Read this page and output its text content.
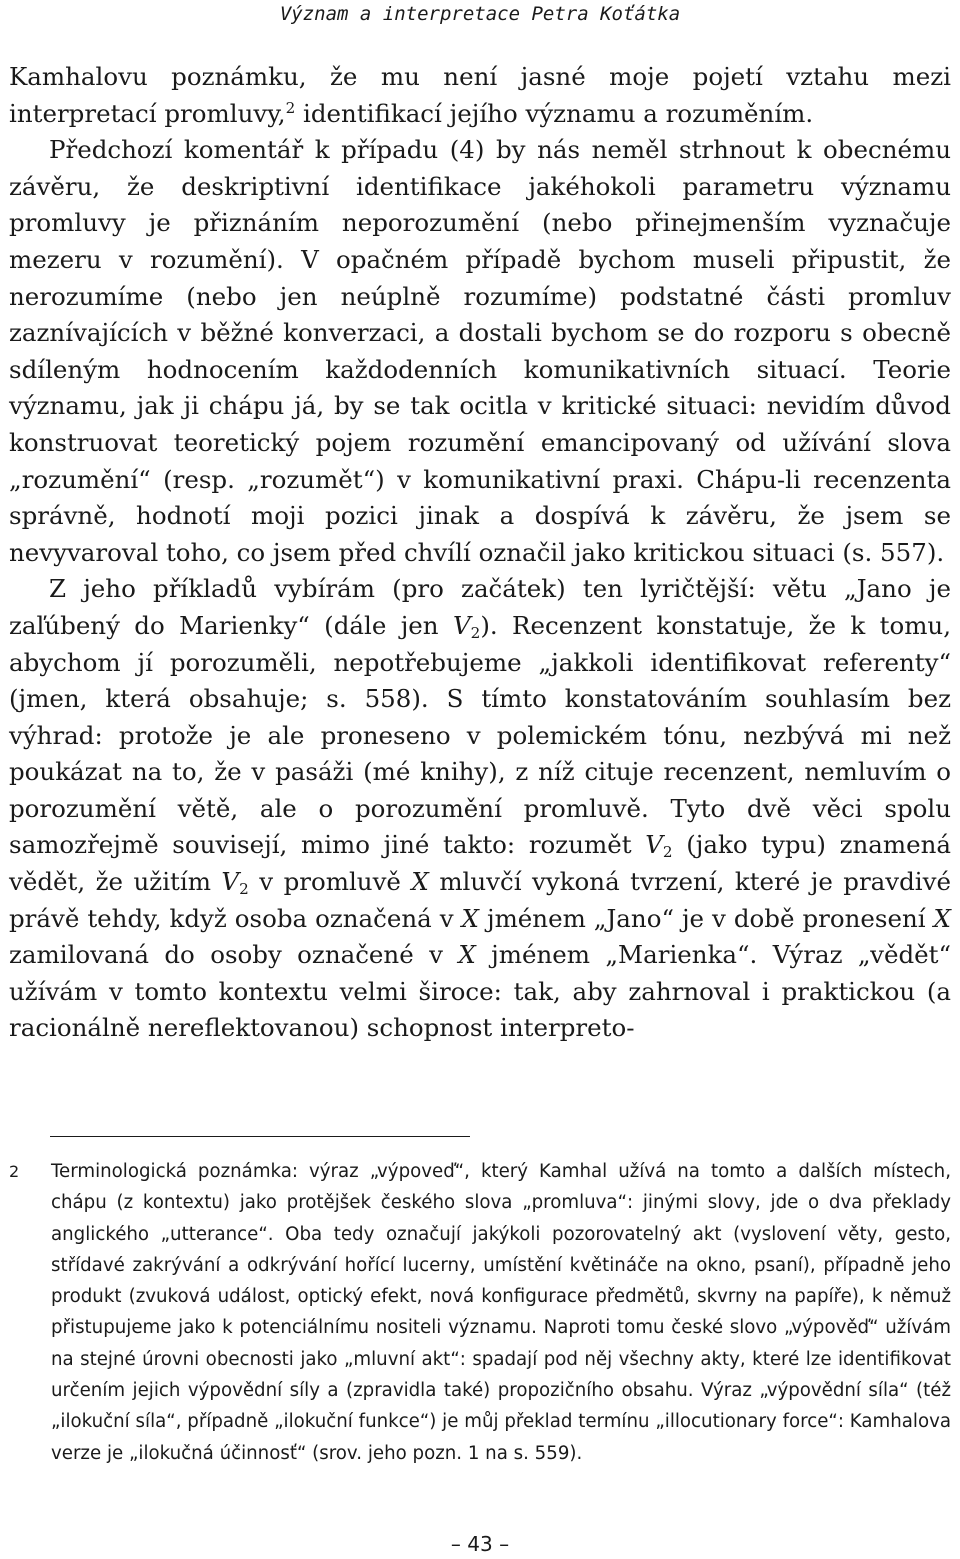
Význam a interpretace Petra Koťátka

Kamhalovu poznámku, že mu není jasné moje pojetí vztahu mezi interpretací promluvy,$^2$ identifikací jejího významu a rozuměním.

Předchozí komentář k případu (4) by nás neměl strhnout k obecnému závěru, že deskriptivní identifikace jakéhokoli parametru významu promluvy je přiznáním neporozumění (nebo přinejmenším vyznačuje mezeru v rozumění). V opačném případě bychom museli připustit, že nerozumíme (nebo jen neúplně rozumíme) podstatné části promluv zaznívajících v běžné konverzaci, a dostali bychom se do rozporu s obecně sdíleným hodnocením každodenních komunikativních situací. Teorie významu, jak ji chápu já, by se tak ocitla v kritické situaci: nevidím důvod konstruovat teoretický pojem rozumění emancipovaný od užívání slova „rozumění“ (resp. „rozumět“) v komunikativní praxi. Chápu-li recenzenta správně, hodnotí moji pozici jinak a dospívá k závěru, že jsem se nevyvaroval toho, co jsem před chvílí označil jako kritickou situaci (s. 557).

Z jeho příkladů vybírám (pro začátek) ten lyričtější: větu „Jano je zaľúbený do Marienky“ (dále jen $V_2$). Recenzent konstatuje, že k tomu, abychom jí porozuměli, nepotřebujeme „jakkoli identifikovat referenty“ (jmen, která obsahuje; s. 558). S tímto konstatováním souhlasím bez výhrad: protože je ale proneseno v polemickém tónu, nezbývá mi než poukázat na to, že v pasáži (mé knihy), z níž cituje recenzent, nemluvím o porozumění větě, ale o porozumění promluvě. Tyto dvě věci spolu samozřejmě souvisejí, mimo jiné takto: rozumět $V_2$ (jako typu) znamená vědět, že užitím $V_2$ v promluvě X mluvčí vykoná tvrzení, které je pravdivé právě tehdy, když osoba označená v X jménem „Jano“ je v době pronesení X zamilovaná do osoby označené v X jménem „Marienka“. Výraz „vědět“ užívám v tomto kontextu velmi široce: tak, aby zahrnoval i praktickou (a racionálně nereflektovanou) schopnost interpreto-

2 Terminologická poznámka: výraz „výpoveď“, který Kamhal užívá na tomto a dalších místech, chápu (z kontextu) jako protějšek českého slova „promluva“: jinými slovy, jde o dva překlady anglického „utterance“. Oba tedy označují jakýkoli pozorovatelný akt (vyslovení věty, gesto, střídavé zakrývání a odkrývání hořící lucerny, umístění květináče na okno, psaní), případně jeho produkt (zvuková událost, optický efekt, nová konfigurace předmětů, skvrny na papíře), k němuž přistupujeme jako k potenciálnímu nositeli významu. Naproti tomu české slovo „výpověď“ užívám na stejné úrovni obecnosti jako „mluvní akt“: spadají pod něj všechny akty, které lze identifikovat určením jejich výpovědní síly a (zpravidla také) propozičního obsahu. Výraz „výpovědní síla“ (též „ilokuční síla“, případně „ilokuční funkce“) je můj překlad termínu „illocutionary force“: Kamhalova verze je „ilokučná účinnosť“ (srov. jeho pozn. 1 na s. 559).
– 43 –
